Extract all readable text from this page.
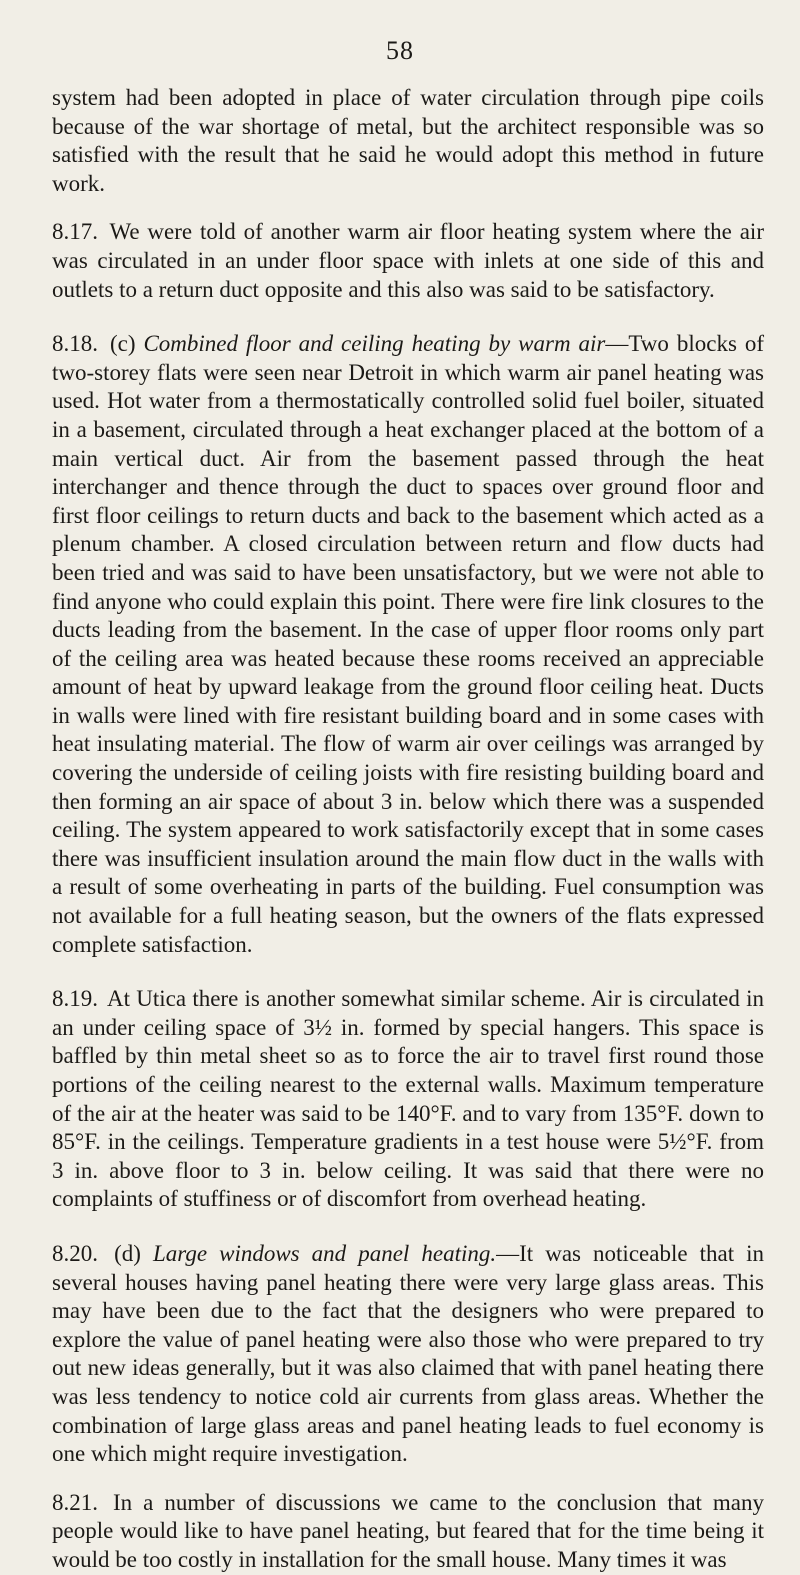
58

system had been adopted in place of water circulation through pipe coils because of the war shortage of metal, but the architect responsible was so satisfied with the result that he said he would adopt this method in future work.

8.17. We were told of another warm air floor heating system where the air was circulated in an under floor space with inlets at one side of this and outlets to a return duct opposite and this also was said to be satisfactory.

8.18. (c) Combined floor and ceiling heating by warm air—Two blocks of two-storey flats were seen near Detroit in which warm air panel heating was used. Hot water from a thermostatically controlled solid fuel boiler, situated in a basement, circulated through a heat exchanger placed at the bottom of a main vertical duct. Air from the basement passed through the heat interchanger and thence through the duct to spaces over ground floor and first floor ceilings to return ducts and back to the basement which acted as a plenum chamber. A closed circulation between return and flow ducts had been tried and was said to have been unsatisfactory, but we were not able to find anyone who could explain this point. There were fire link closures to the ducts leading from the basement. In the case of upper floor rooms only part of the ceiling area was heated because these rooms received an appreciable amount of heat by upward leakage from the ground floor ceiling heat. Ducts in walls were lined with fire resistant building board and in some cases with heat insulating material. The flow of warm air over ceilings was arranged by covering the underside of ceiling joists with fire resisting building board and then forming an air space of about 3 in. below which there was a suspended ceiling. The system appeared to work satisfactorily except that in some cases there was insufficient insulation around the main flow duct in the walls with a result of some overheating in parts of the building. Fuel consumption was not available for a full heating season, but the owners of the flats expressed complete satisfaction.

8.19. At Utica there is another somewhat similar scheme. Air is circulated in an under ceiling space of 3½ in. formed by special hangers. This space is baffled by thin metal sheet so as to force the air to travel first round those portions of the ceiling nearest to the external walls. Maximum temperature of the air at the heater was said to be 140°F. and to vary from 135°F. down to 85°F. in the ceilings. Temperature gradients in a test house were 5½°F. from 3 in. above floor to 3 in. below ceiling. It was said that there were no complaints of stuffiness or of discomfort from overhead heating.

8.20. (d) Large windows and panel heating.—It was noticeable that in several houses having panel heating there were very large glass areas. This may have been due to the fact that the designers who were prepared to explore the value of panel heating were also those who were prepared to try out new ideas generally, but it was also claimed that with panel heating there was less tendency to notice cold air currents from glass areas. Whether the combination of large glass areas and panel heating leads to fuel economy is one which might require investigation.

8.21. In a number of discussions we came to the conclusion that many people would like to have panel heating, but feared that for the time being it would be too costly in installation for the small house. Many times it was
